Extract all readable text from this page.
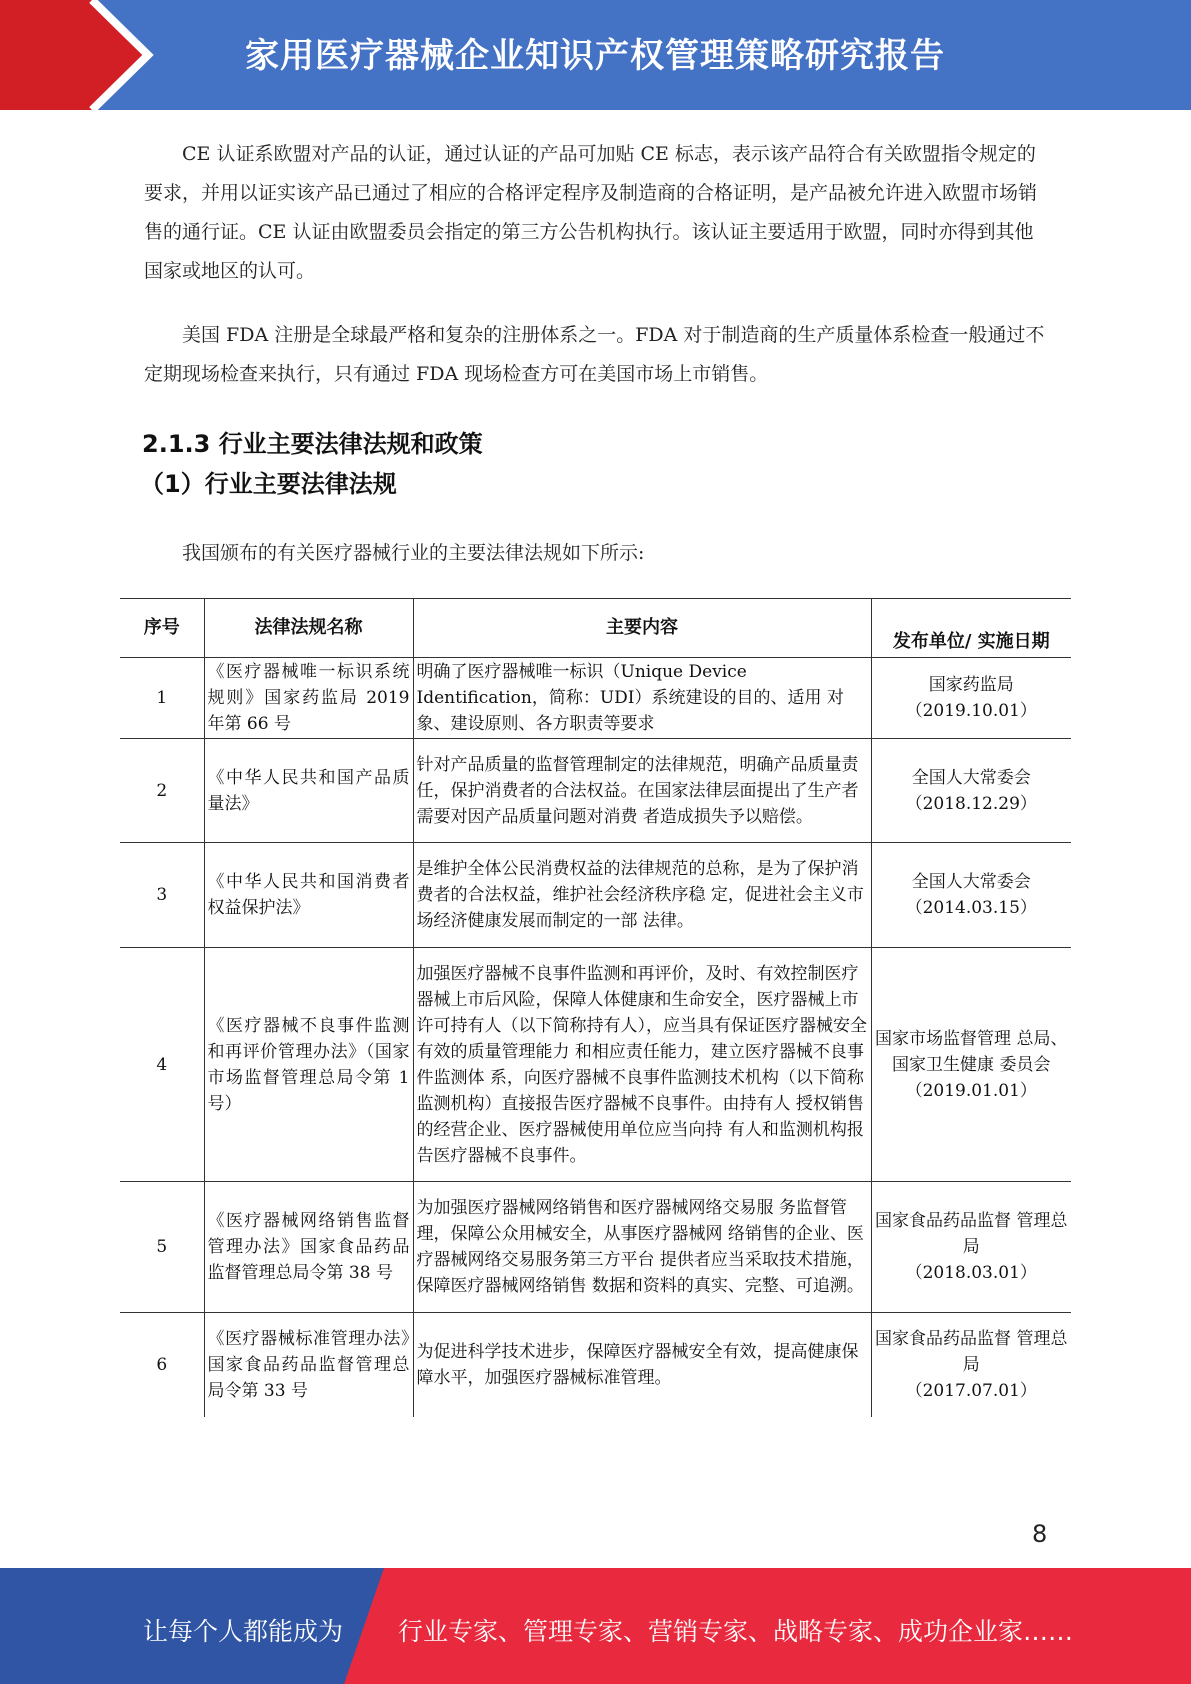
家用医疗器械企业知识产权管理策略研究报告

CE 认证系欧盟对产品的认证，通过认证的产品可加贴 CE 标志，表示该产品符合有关欧盟指令规定的要求，并用以证实该产品已通过了相应的合格评定程序及制造商的合格证明，是产品被允许进入欧盟市场销售的通行证。CE 认证由欧盟委员会指定的第三方公告机构执行。该认证主要适用于欧盟，同时亦得到其他国家或地区的认可。

美国 FDA 注册是全球最严格和复杂的注册体系之一。FDA 对于制造商的生产质量体系检查一般通过不定期现场检查来执行，只有通过 FDA 现场检查方可在美国市场上市销售。

2.1.3 行业主要法律法规和政策
（1）行业主要法律法规

我国颁布的有关医疗器械行业的主要法律法规如下所示:

序号	法律法规名称	主要内容	发布单位/ 实施日期
1	《医疗器械唯一标识系统规则》国家药监局 2019 年第 66 号	明确了医疗器械唯一标识（Unique Device Identification，简称：UDI）系统建设的目的、适用 对象、建设原则、各方职责等要求	国家药监局
（2019.10.01）

2	《中华人民共和国产品质量法》	针对产品质量的监督管理制定的法律规范，明确产品质量责任，保护消费者的合法权益。在国家法律层面提出了生产者需要对因产品质量问题对消费 者造成损失予以赔偿。	全国人大常委会
（2018.12.29）

3	《中华人民共和国消费者权益保护法》	是维护全体公民消费权益的法律规范的总称，是为了保护消费者的合法权益，维护社会经济秩序稳 定，促进社会主义市场经济健康发展而制定的一部 法律。	全国人大常委会
（2014.03.15）

4	《医疗器械不良事件监测和再评价管理办法》（国家市场监督管理总局令第 1 号）	加强医疗器械不良事件监测和再评价，及时、有效控制医疗器械上市后风险，保障人体健康和生命安全，医疗器械上市许可持有人（以下简称持有人），应当具有保证医疗器械安全有效的质量管理能力 和相应责任能力，建立医疗器械不良事件监测体 系，向医疗器械不良事件监测技术机构（以下简称 监测机构）直接报告医疗器械不良事件。由持有人 授权销售的经营企业、医疗器械使用单位应当向持 有人和监测机构报告医疗器械不良事件。	国家市场监督管理 总局、国家卫生健康 委员会
（2019.01.01）

5	《医疗器械网络销售监督管理办法》国家食品药品监督管理总局令第 38 号	为加强医疗器械网络销售和医疗器械网络交易服 务监督管理，保障公众用械安全，从事医疗器械网 络销售的企业、医疗器械网络交易服务第三方平台 提供者应当采取技术措施，保障医疗器械网络销售 数据和资料的真实、完整、可追溯。	国家食品药品监督 管理总局
（2018.03.01）

6	《医疗器械标准管理办法》国家食品药品监督管理总局令第 33 号	为促进科学技术进步，保障医疗器械安全有效，提高健康保障水平，加强医疗器械标准管理。	国家食品药品监督 管理总局
（2017.07.01）
8
让每个人都能成为 行业专家、管理专家、营销专家、战略专家、成功企业家……
